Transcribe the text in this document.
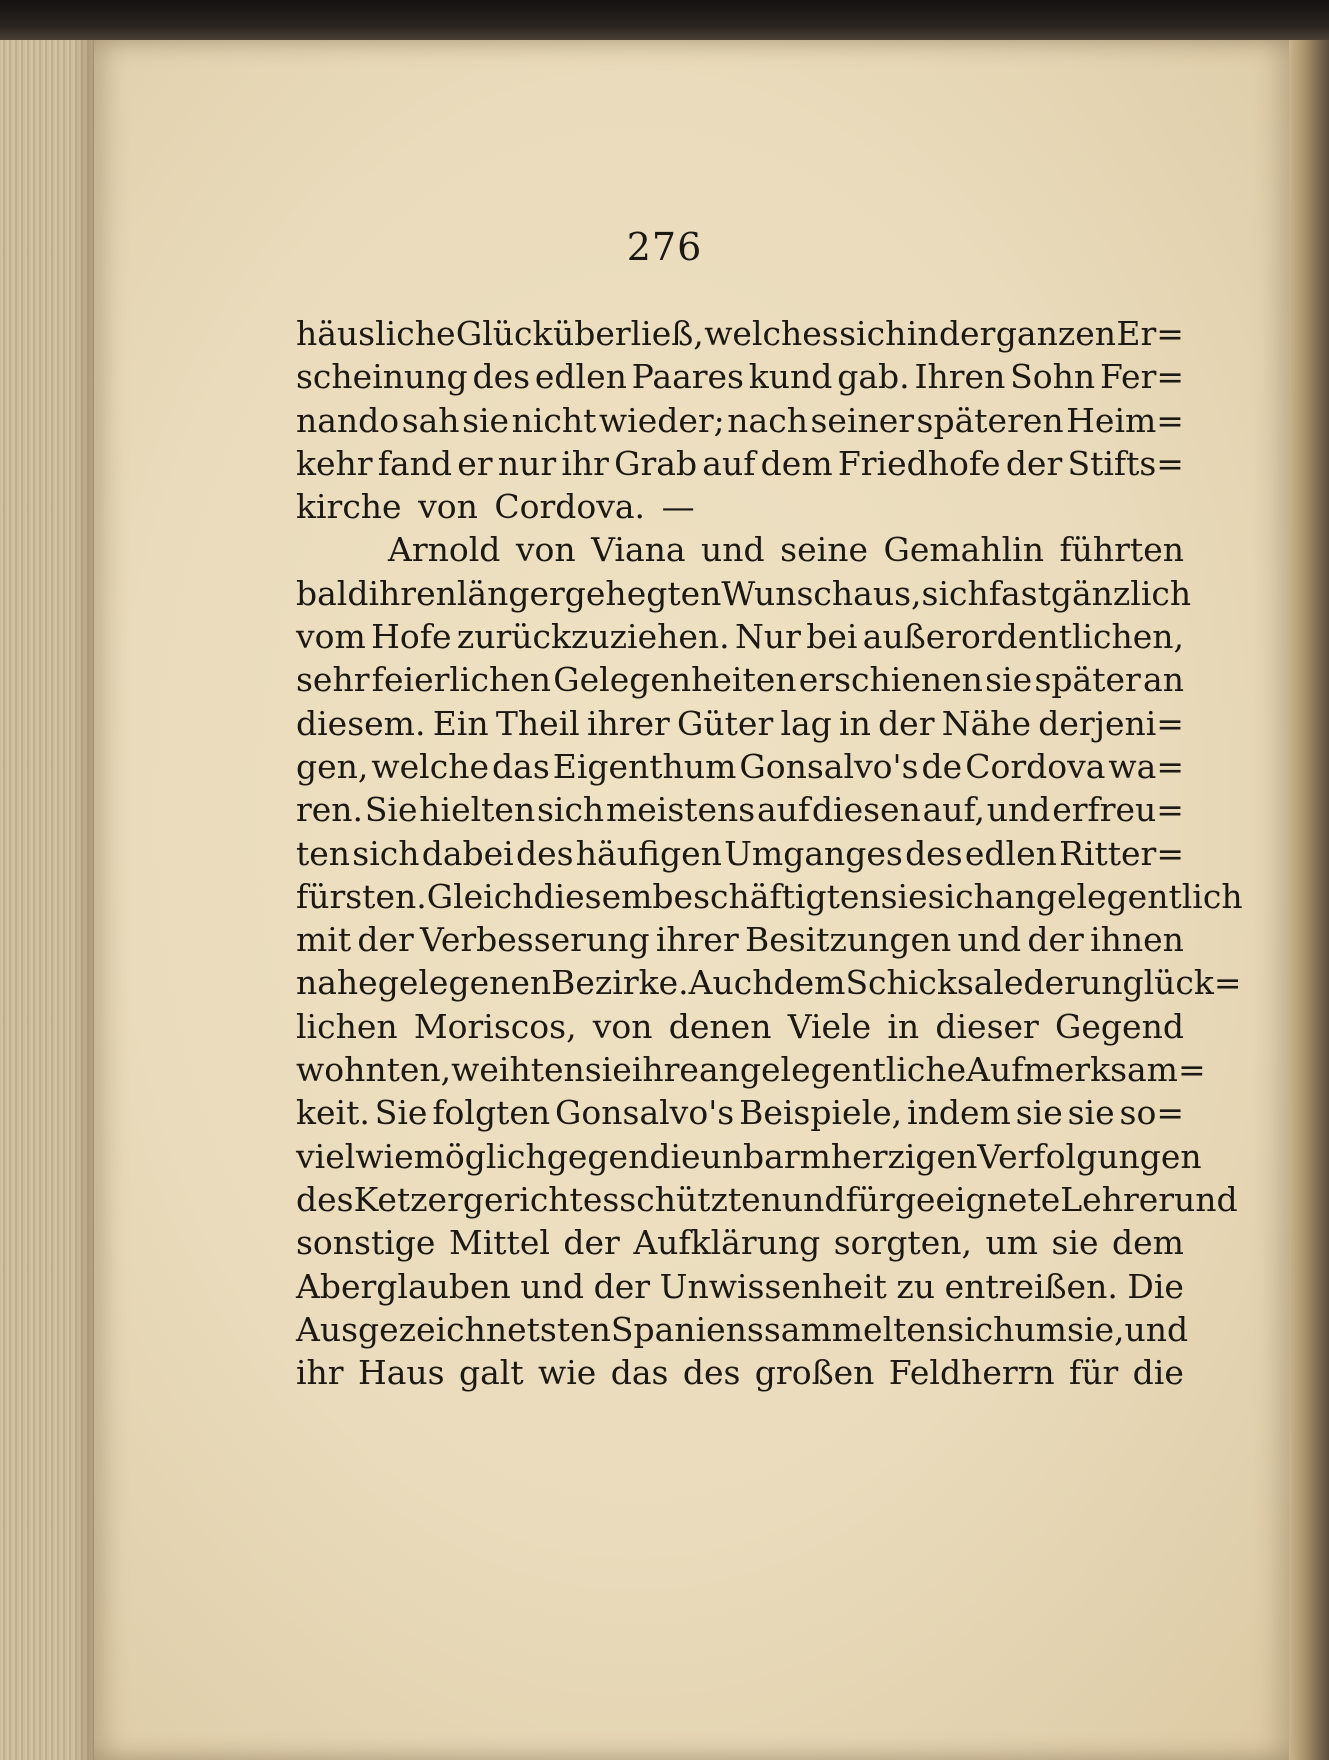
276

häusliche Glück überließ, welches sich in der ganzen Er=
scheinung des edlen Paares kund gab. Ihren Sohn Fer=
nando sah sie nicht wieder; nach seiner späteren Heim=
kehr fand er nur ihr Grab auf dem Friedhofe der Stifts=
kirche von Cordova. —
Arnold von Viana und seine Gemahlin führten
bald ihren länger gehegten Wunsch aus, sich fast gänzlich
vom Hofe zurückzuziehen. Nur bei außerordentlichen,
sehr feierlichen Gelegenheiten erschienen sie später an
diesem. Ein Theil ihrer Güter lag in der Nähe derjeni=
gen, welche das Eigenthum Gonsalvo's de Cordova wa=
ren. Sie hielten sich meistens auf diesen auf, und erfreu=
ten sich dabei des häufigen Umganges des edlen Ritter=
fürsten. Gleich diesem beschäftigten sie sich angelegentlich
mit der Verbesserung ihrer Besitzungen und der ihnen
nahegelegenen Bezirke. Auch dem Schicksale der unglück=
lichen Moriscos, von denen Viele in dieser Gegend
wohnten, weihten sie ihre angelegentliche Aufmerksam=
keit. Sie folgten Gonsalvo's Beispiele, indem sie sie so=
viel wie möglich gegen die unbarmherzigen Verfolgungen
des Ketzergerichtes schützten und für geeignete Lehrer und
sonstige Mittel der Aufklärung sorgten, um sie dem
Aberglauben und der Unwissenheit zu entreißen. Die
Ausgezeichnetsten Spaniens sammelten sich um sie, und
ihr Haus galt wie das des großen Feldherrn für die
